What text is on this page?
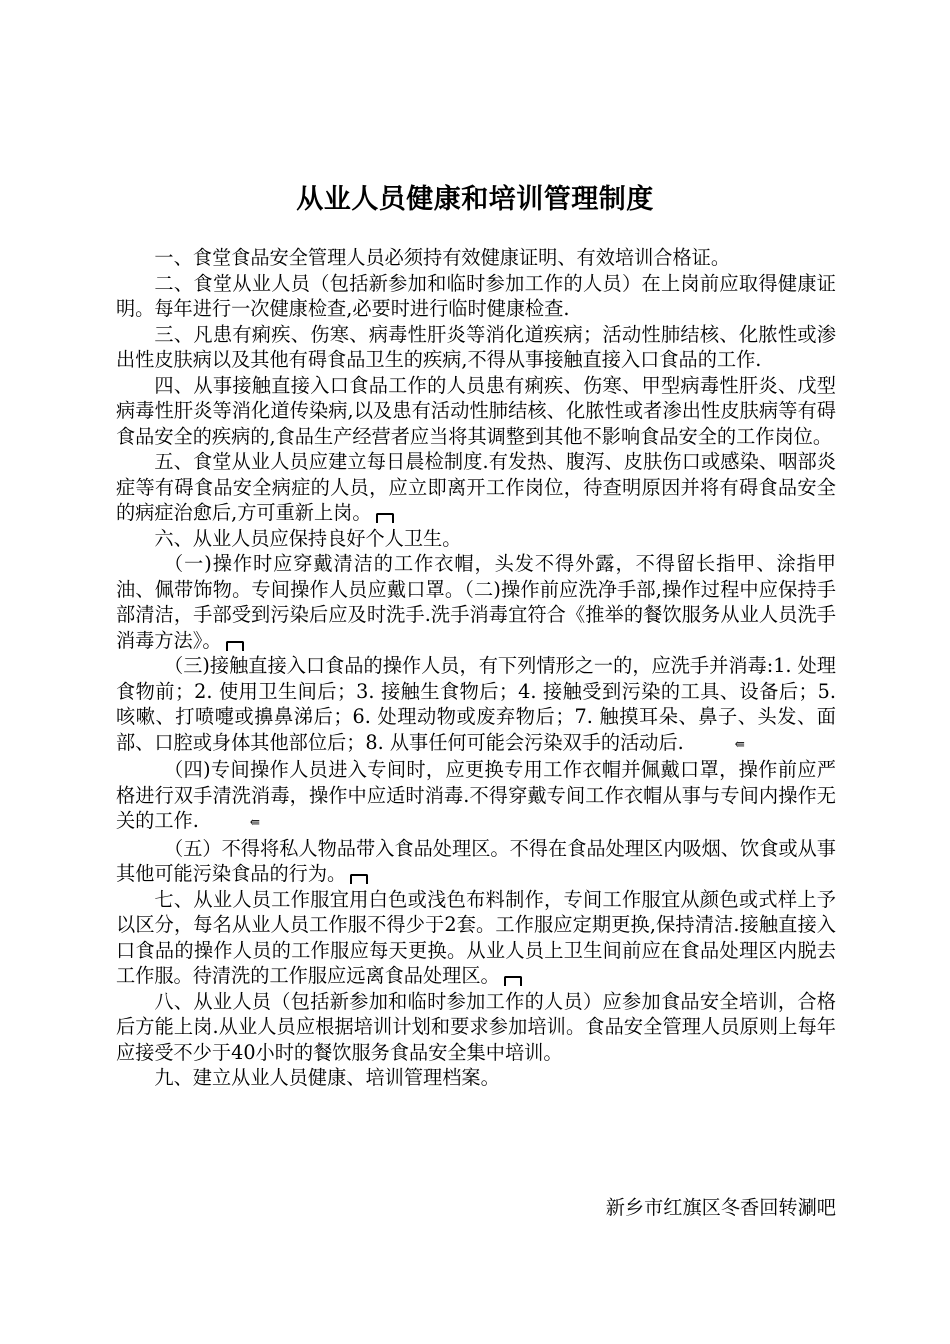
从业人员健康和培训管理制度

一、食堂食品安全管理人员必须持有效健康证明、有效培训合格证。

二、食堂从业人员（包括新参加和临时参加工作的人员）在上岗前应取得健康证明。每年进行一次健康检查,必要时进行临时健康检查.

三、凡患有痢疾、伤寒、病毒性肝炎等消化道疾病；活动性肺结核、化脓性或渗出性皮肤病以及其他有碍食品卫生的疾病,不得从事接触直接入口食品的工作.

四、从事接触直接入口食品工作的人员患有痢疾、伤寒、甲型病毒性肝炎、戊型病毒性肝炎等消化道传染病,以及患有活动性肺结核、化脓性或者渗出性皮肤病等有碍食品安全的疾病的,食品生产经营者应当将其调整到其他不影响食品安全的工作岗位。

五、食堂从业人员应建立每日晨检制度.有发热、腹泻、皮肤伤口或感染、咽部炎症等有碍食品安全病症的人员，应立即离开工作岗位，待查明原因并将有碍食品安全的病症治愈后,方可重新上岗。

六、从业人员应保持良好个人卫生。

（一)操作时应穿戴清洁的工作衣帽，头发不得外露，不得留长指甲、涂指甲油、佩带饰物。专间操作人员应戴口罩。（二)操作前应洗净手部,操作过程中应保持手部清洁，手部受到污染后应及时洗手.洗手消毒宜符合《推举的餐饮服务从业人员洗手消毒方法》。

（三)接触直接入口食品的操作人员，有下列情形之一的，应洗手并消毒:1. 处理食物前；2. 使用卫生间后；3. 接触生食物后；4. 接触受到污染的工具、设备后；5. 咳嗽、打喷嚏或擤鼻涕后；6. 处理动物或废弃物后；7. 触摸耳朵、鼻子、头发、面部、口腔或身体其他部位后；8. 从事任何可能会污染双手的活动后.	⇚

（四)专间操作人员进入专间时，应更换专用工作衣帽并佩戴口罩，操作前应严格进行双手清洗消毒，操作中应适时消毒.不得穿戴专间工作衣帽从事与专间内操作无关的工作.	⇚

（五）不得将私人物品带入食品处理区。不得在食品处理区内吸烟、饮食或从事其他可能污染食品的行为。

七、从业人员工作服宜用白色或浅色布料制作，专间工作服宜从颜色或式样上予以区分，每名从业人员工作服不得少于2套。工作服应定期更换,保持清洁.接触直接入口食品的操作人员的工作服应每天更换。从业人员上卫生间前应在食品处理区内脱去工作服。待清洗的工作服应远离食品处理区。

八、从业人员（包括新参加和临时参加工作的人员）应参加食品安全培训，合格后方能上岗.从业人员应根据培训计划和要求参加培训。食品安全管理人员原则上每年应接受不少于40小时的餐饮服务食品安全集中培训。

九、建立从业人员健康、培训管理档案。

新乡市红旗区冬香回转涮吧
